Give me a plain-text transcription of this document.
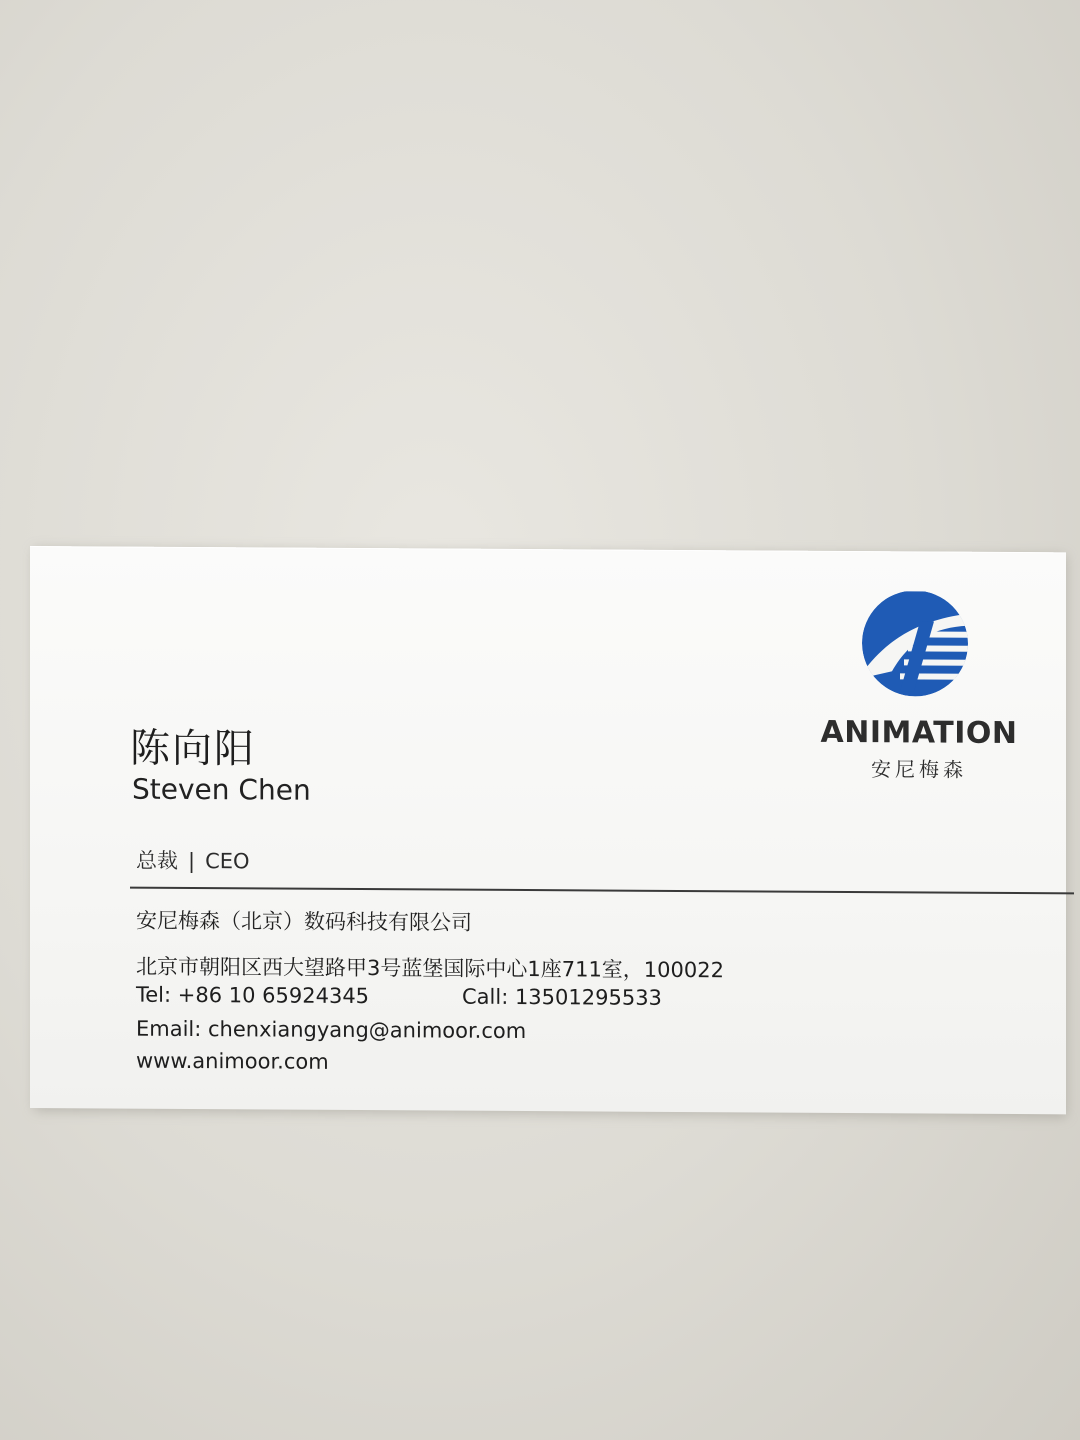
陈向阳
Steven Chen
总裁 | CEO
安尼梅森（北京）数码科技有限公司
北京市朝阳区西大望路甲3号蓝堡国际中心1座711室，100022
Tel: +86 10 65924345	Call: 13501295533
Email: chenxiangyang@animoor.com
www.animoor.com
ANIMATION
安尼梅森
